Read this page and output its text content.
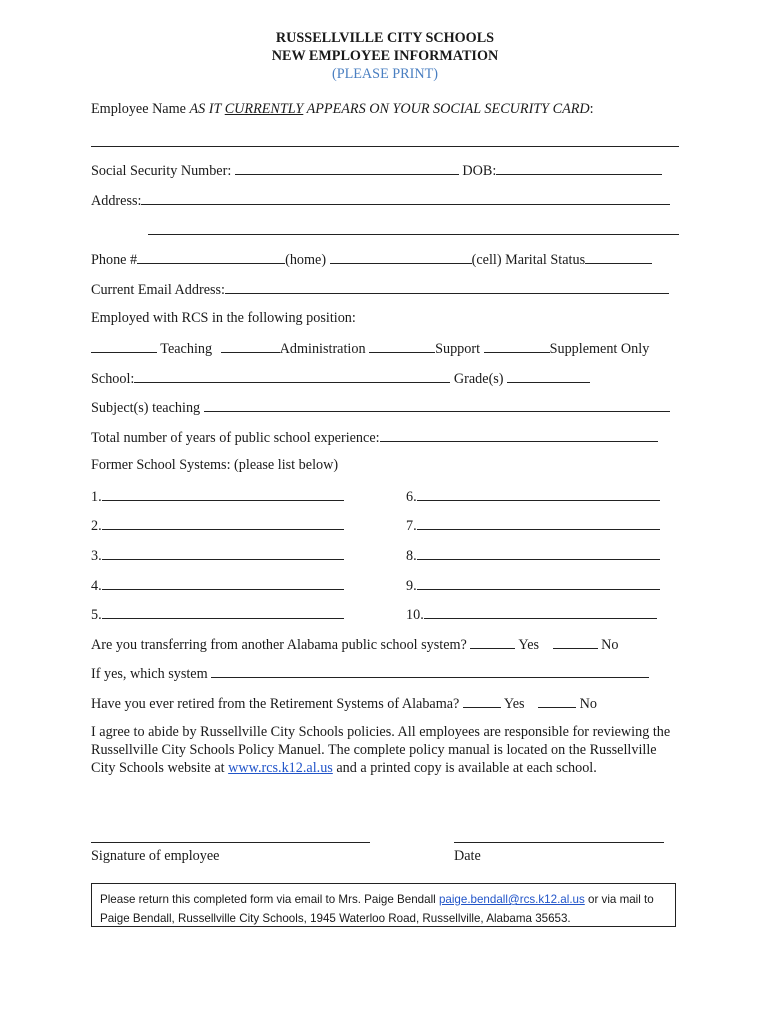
RUSSELLVILLE CITY SCHOOLS
NEW EMPLOYEE INFORMATION
(PLEASE PRINT)
Employee Name AS IT CURRENTLY APPEARS ON YOUR SOCIAL SECURITY CARD:
Social Security Number:	DOB:
Address:
Phone #	(home)	(cell) Marital Status
Current Email Address:
Employed with RCS in the following position:
Teaching	Administration	Support	Supplement Only
School:	Grade(s)
Subject(s) teaching
Total number of years of public school experience:
Former School Systems: (please list below)
1.
2.
3.
4.
5.
6.
7.
8.
9.
10.
Are you transferring from another Alabama public school system?	Yes	No
If yes, which system
Have you ever retired from the Retirement Systems of Alabama?	Yes	No
I agree to abide by Russellville City Schools policies. All employees are responsible for reviewing the Russellville City Schools Policy Manuel. The complete policy manual is located on the Russellville City Schools website at www.rcs.k12.al.us and a printed copy is available at each school.
Signature of employee	Date
Please return this completed form via email to Mrs. Paige Bendall paige.bendall@rcs.k12.al.us or via mail to Paige Bendall, Russellville City Schools, 1945 Waterloo Road, Russellville, Alabama 35653.
